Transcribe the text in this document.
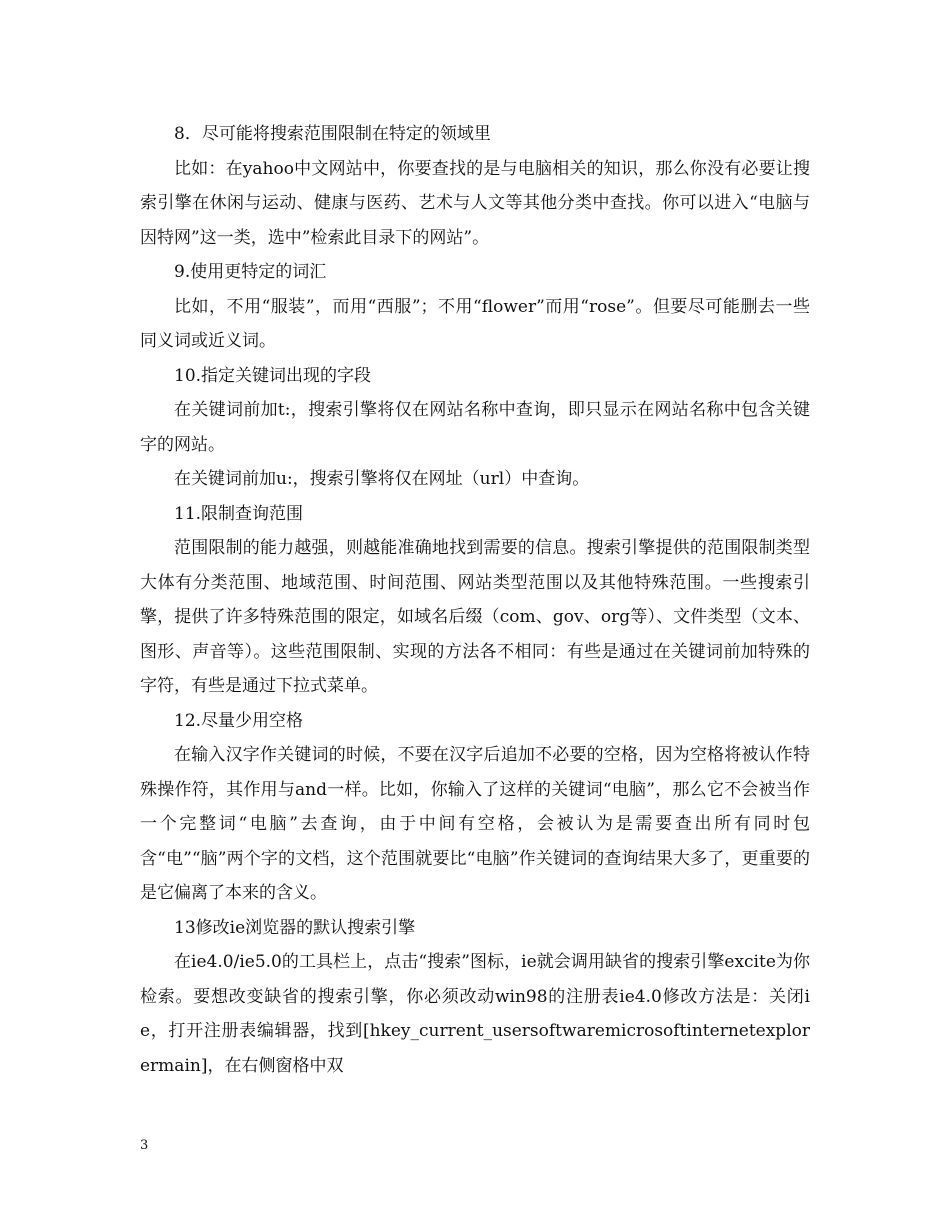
8．尽可能将搜索范围限制在特定的领域里

比如：在yahoo中文网站中，你要查找的是与电脑相关的知识，那么你没有必要让搜索引擎在休闲与运动、健康与医药、艺术与人文等其他分类中查找。你可以进入“电脑与因特网”这一类，选中”检索此目录下的网站”。

9.使用更特定的词汇

比如，不用“服装”，而用“西服”；不用“flower”而用“rose”。但要尽可能删去一些同义词或近义词。

10.指定关键词出现的字段

在关键词前加t:，搜索引擎将仅在网站名称中查询，即只显示在网站名称中包含关键字的网站。

在关键词前加u:，搜索引擎将仅在网址（url）中查询。

11.限制查询范围

范围限制的能力越强，则越能准确地找到需要的信息。搜索引擎提供的范围限制类型大体有分类范围、地域范围、时间范围、网站类型范围以及其他特殊范围。一些搜索引擎，提供了许多特殊范围的限定，如域名后缀（com、gov、org等）、文件类型（文本、图形、声音等）。这些范围限制、实现的方法各不相同：有些是通过在关键词前加特殊的字符，有些是通过下拉式菜单。

12.尽量少用空格

在输入汉字作关键词的时候，不要在汉字后追加不必要的空格，因为空格将被认作特殊操作符，其作用与and一样。比如，你输入了这样的关键词“电脑”，那么它不会被当作一个完整词“电脑”去查询，由于中间有空格，会被认为是需要查出所有同时包含“电”“脑”两个字的文档，这个范围就要比“电脑”作关键词的查询结果大多了，更重要的是它偏离了本来的含义。

13修改ie浏览器的默认搜索引擎

在ie4.0/ie5.0的工具栏上，点击“搜索”图标，ie就会调用缺省的搜索引擎excite为你检索。要想改变缺省的搜索引擎，你必须改动win98的注册表ie4.0修改方法是：关闭ie，打开注册表编辑器，找到[hkey_current_usersoftwaremicrosoftinternetexplorermain]，在右侧窗格中双

3
